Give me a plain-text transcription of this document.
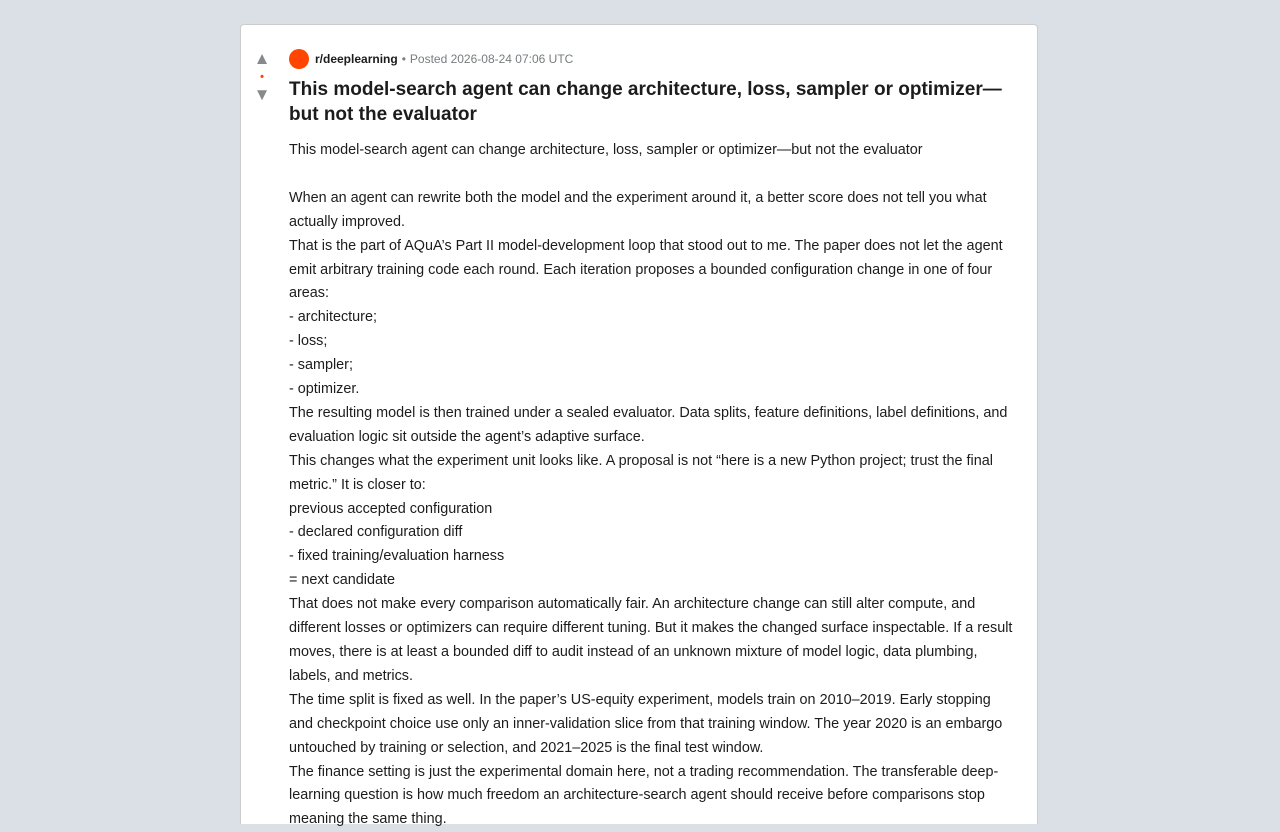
▲
•
▼
r/deeplearning • Posted 2026-08-24 07:06 UTC
This model-search agent can change architecture, loss, sampler or optimizer—but not the evaluator

This model-search agent can change architecture, loss, sampler or optimizer—but not the evaluator

When an agent can rewrite both the model and the experiment around it, a better score does not tell you what actually improved.

That is the part of AQuA’s Part II model-development loop that stood out to me. The paper does not let the agent emit arbitrary training code each round. Each iteration proposes a bounded configuration change in one of four areas:

- architecture;

- loss;

- sampler;

- optimizer.

The resulting model is then trained under a sealed evaluator. Data splits, feature definitions, label definitions, and evaluation logic sit outside the agent’s adaptive surface.

This changes what the experiment unit looks like. A proposal is not “here is a new Python project; trust the final metric.” It is closer to:

previous accepted configuration

- declared configuration diff

- fixed training/evaluation harness

= next candidate

That does not make every comparison automatically fair. An architecture change can still alter compute, and different losses or optimizers can require different tuning. But it makes the changed surface inspectable. If a result moves, there is at least a bounded diff to audit instead of an unknown mixture of model logic, data plumbing, labels, and metrics.

The time split is fixed as well. In the paper’s US-equity experiment, models train on 2010–2019. Early stopping and checkpoint choice use only an inner-validation slice from that training window. The year 2020 is an embargo untouched by training or selection, and 2021–2025 is the final test window.

The finance setting is just the experimental domain here, not a trading recommendation. The transferable deep-learning question is how much freedom an architecture-search agent should receive before comparisons stop meaning the same thing.
